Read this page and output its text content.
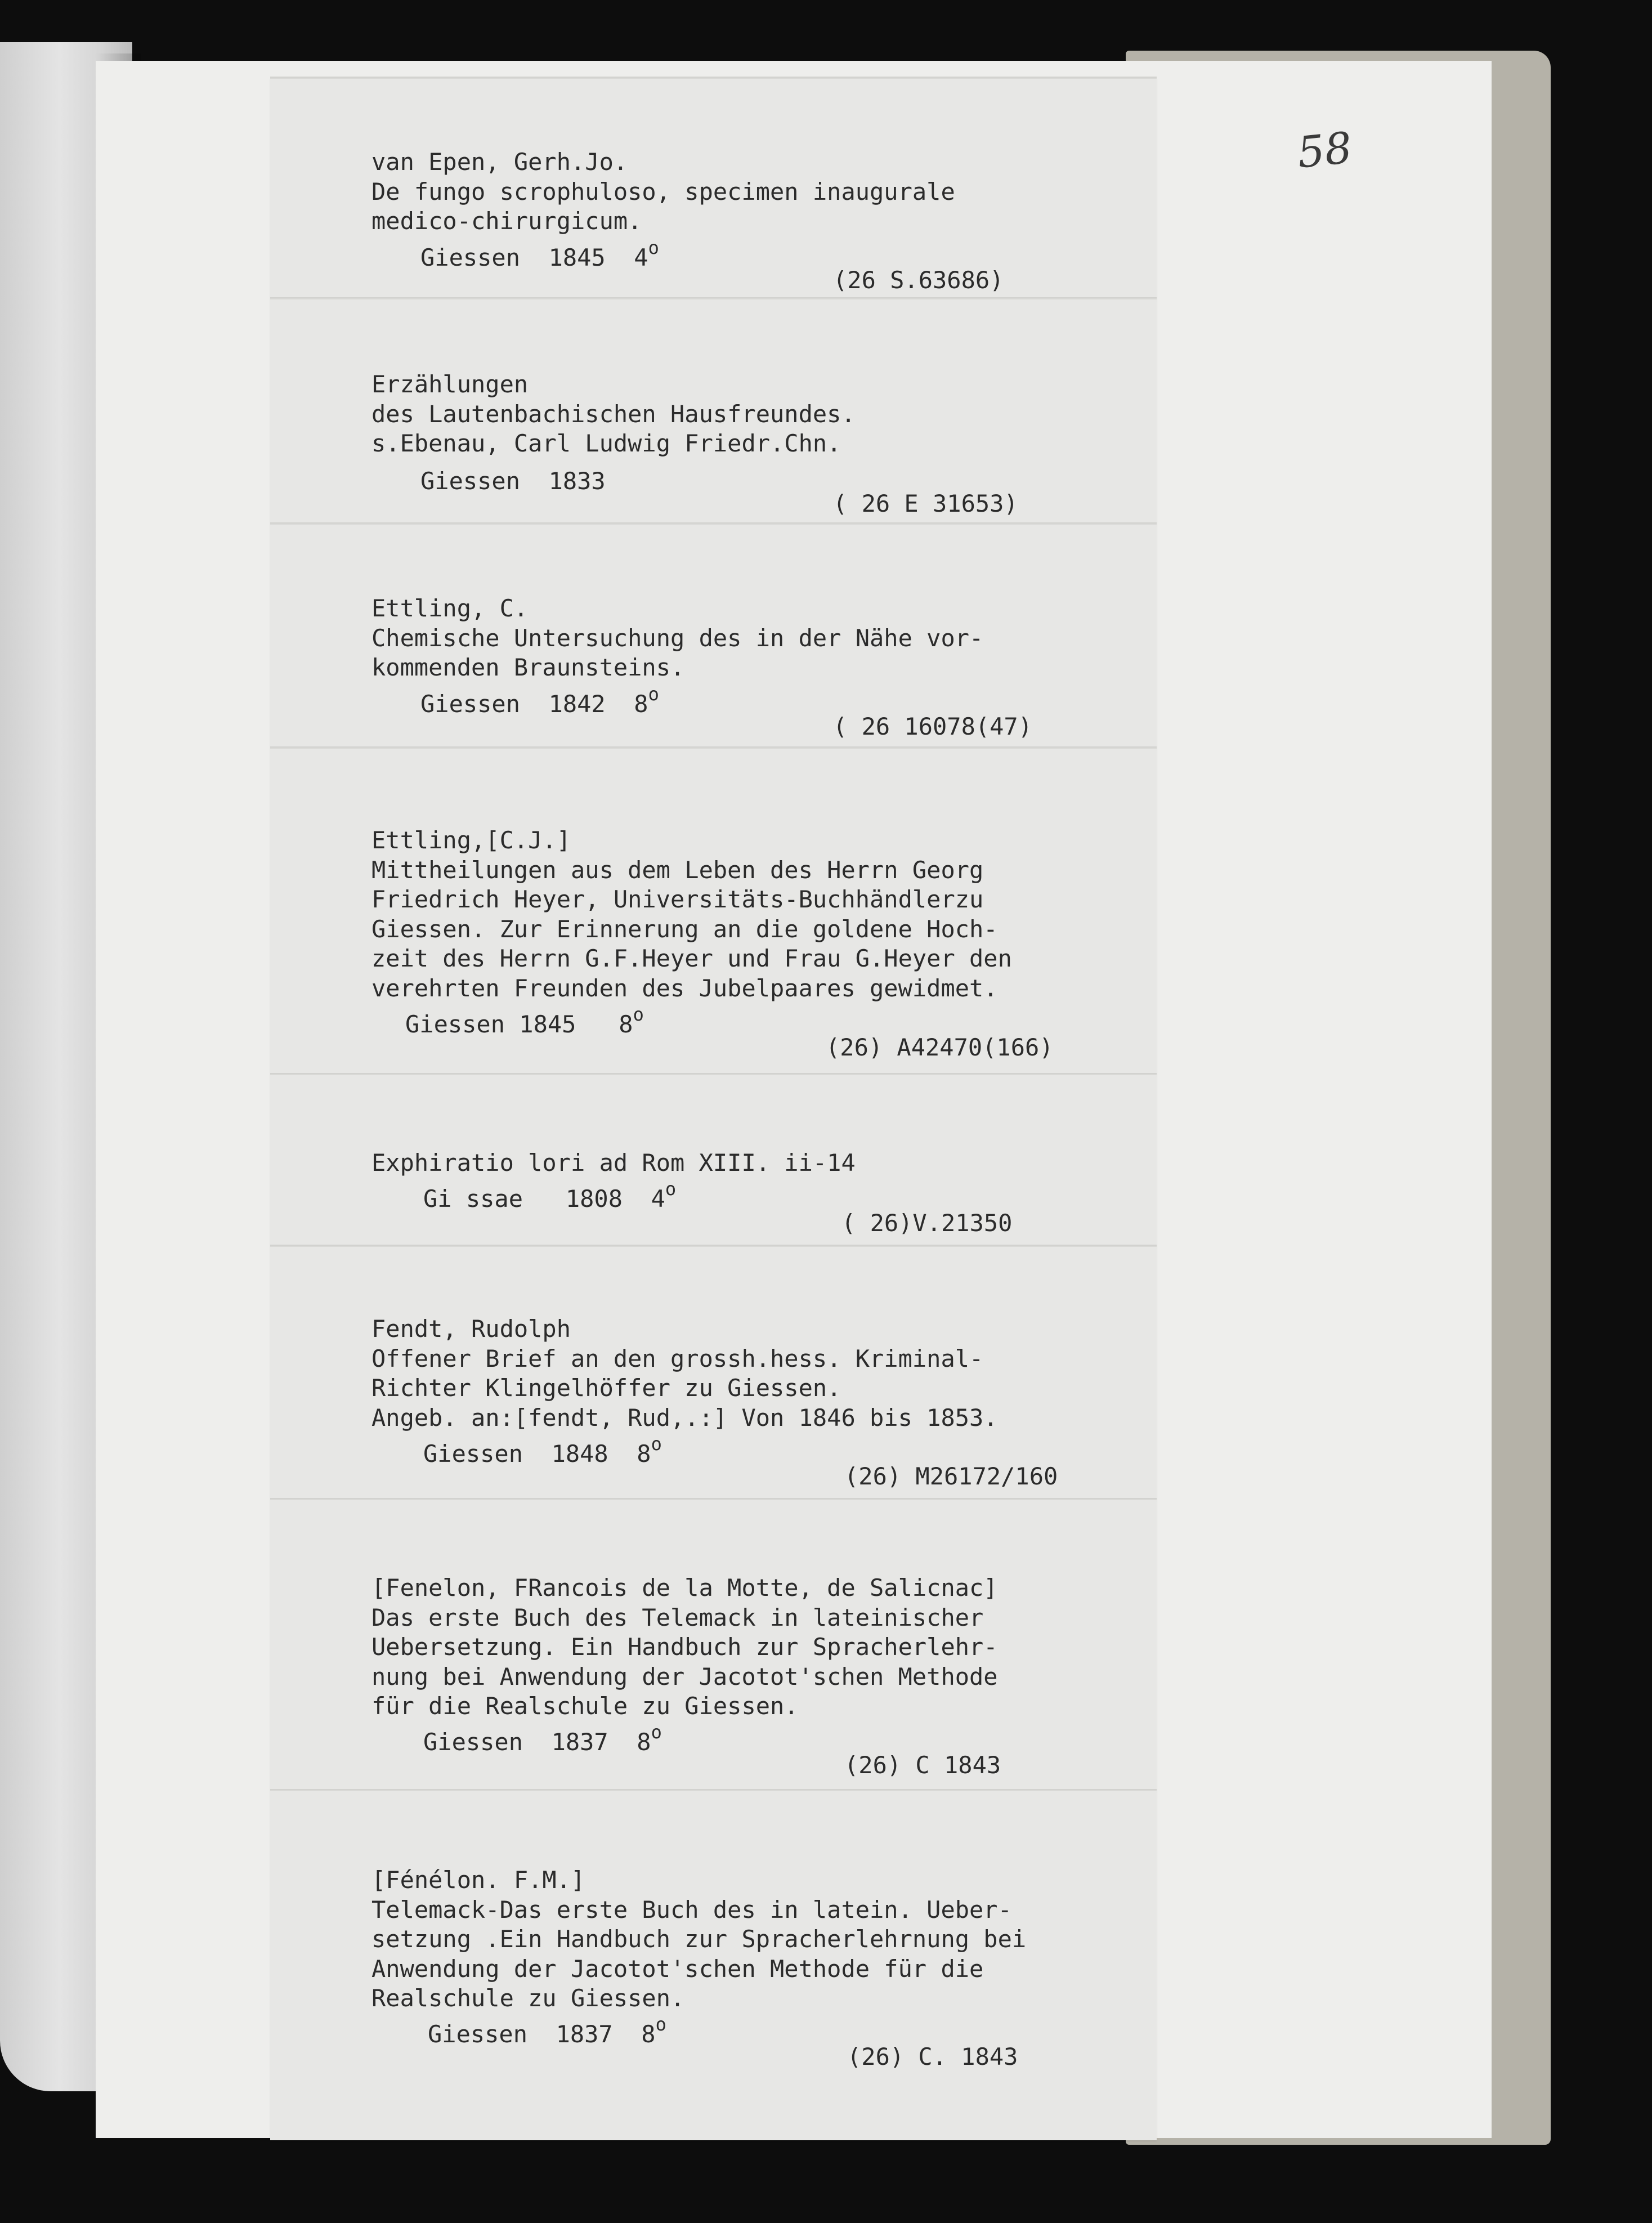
58
van Epen, Gerh.Jo.
De fungo scrophuloso, specimen inaugurale
medico-chirurgicum.
Giessen  1845  4$^o$
(26 S.63686)
Erzählungen
des Lautenbachischen Hausfreundes.
s.Ebenau, Carl Ludwig Friedr.Chn.
Giessen  1833
( 26 E 31653)
Ettling, C.
Chemische Untersuchung des in der Nähe vor-
kommenden Braunsteins.
Giessen  1842  8$^o$
( 26 16078(47)
Ettling,[C.J.]
Mittheilungen aus dem Leben des Herrn Georg
Friedrich Heyer, Universitäts-Buchhändlerzu
Giessen. Zur Erinnerung an die goldene Hoch-
zeit des Herrn G.F.Heyer und Frau G.Heyer den
verehrten Freunden des Jubelpaares gewidmet.
Giessen 1845   8$^o$
(26) A42470(166)
Exphiratio lori ad Rom XIII. ii-14
Gi ssae   1808  4$^o$
( 26)V.21350
Fendt, Rudolph
Offener Brief an den grossh.hess. Kriminal-
Richter Klingelhöffer zu Giessen.
Angeb. an:[fendt, Rud,.:] Von 1846 bis 1853.
Giessen  1848  8$^o$
(26) M26172/160
[Fenelon, FRancois de la Motte, de Salicnac]
Das erste Buch des Telemack in lateinischer
Uebersetzung. Ein Handbuch zur Spracherlehr-
nung bei Anwendung der Jacotot'schen Methode
für die Realschule zu Giessen.
Giessen  1837  8$^o$
(26) C 1843
[Fénélon. F.M.]
Telemack-Das erste Buch des in latein. Ueber-
setzung .Ein Handbuch zur Spracherlehrnung bei
Anwendung der Jacotot'schen Methode für die
Realschule zu Giessen.
Giessen  1837  8$^o$
(26) C. 1843
